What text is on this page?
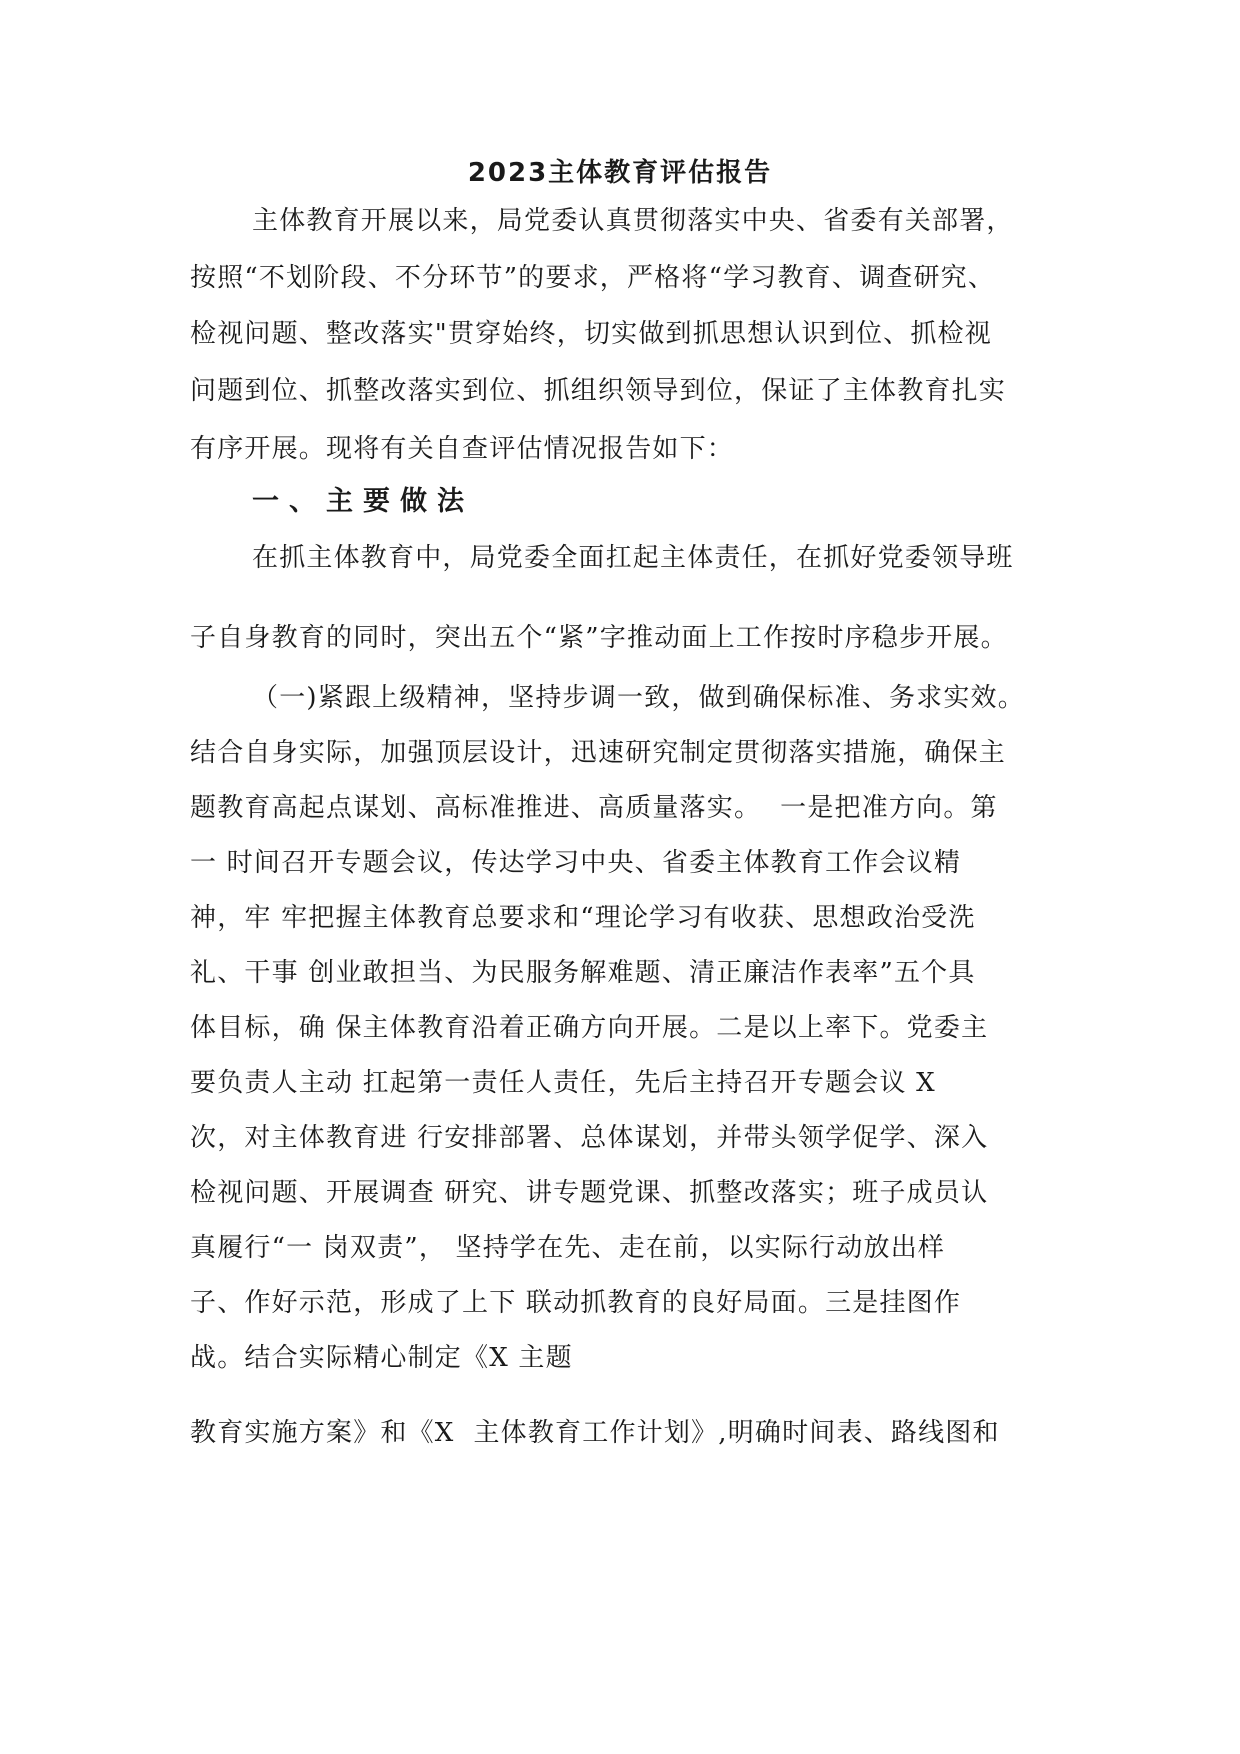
2023主体教育评估报告
主体教育开展以来，局党委认真贯彻落实中央、省委有关部署，
按照“不划阶段、不分环节”的要求，严格将“学习教育、调查研究、
检视问题、整改落实"贯穿始终，切实做到抓思想认识到位、抓检视
问题到位、抓整改落实到位、抓组织领导到位，保证了主体教育扎实
有序开展。现将有关自查评估情况报告如下：
一、主要做法
在抓主体教育中，局党委全面扛起主体责任，在抓好党委领导班
子自身教育的同时，突出五个“紧”字推动面上工作按时序稳步开展。
（一)紧跟上级精神，坚持步调一致，做到确保标准、务求实效。
结合自身实际，加强顶层设计，迅速研究制定贯彻落实措施，确保主
题教育高起点谋划、高标准推进、高质量落实。  一是把准方向。第
一 时间召开专题会议，传达学习中央、省委主体教育工作会议精
神，牢 牢把握主体教育总要求和“理论学习有收获、思想政治受洗
礼、干事 创业敢担当、为民服务解难题、清正廉洁作表率”五个具
体目标，确 保主体教育沿着正确方向开展。二是以上率下。党委主
要负责人主动 扛起第一责任人责任，先后主持召开专题会议 X
次，对主体教育进 行安排部署、总体谋划，并带头领学促学、深入
检视问题、开展调查 研究、讲专题党课、抓整改落实；班子成员认
真履行“一 岗双责”， 坚持学在先、走在前，以实际行动放出样
子、作好示范，形成了上下 联动抓教育的良好局面。三是挂图作
战。结合实际精心制定《X 主题
教育实施方案》和《X  主体教育工作计划》,明确时间表、路线图和
